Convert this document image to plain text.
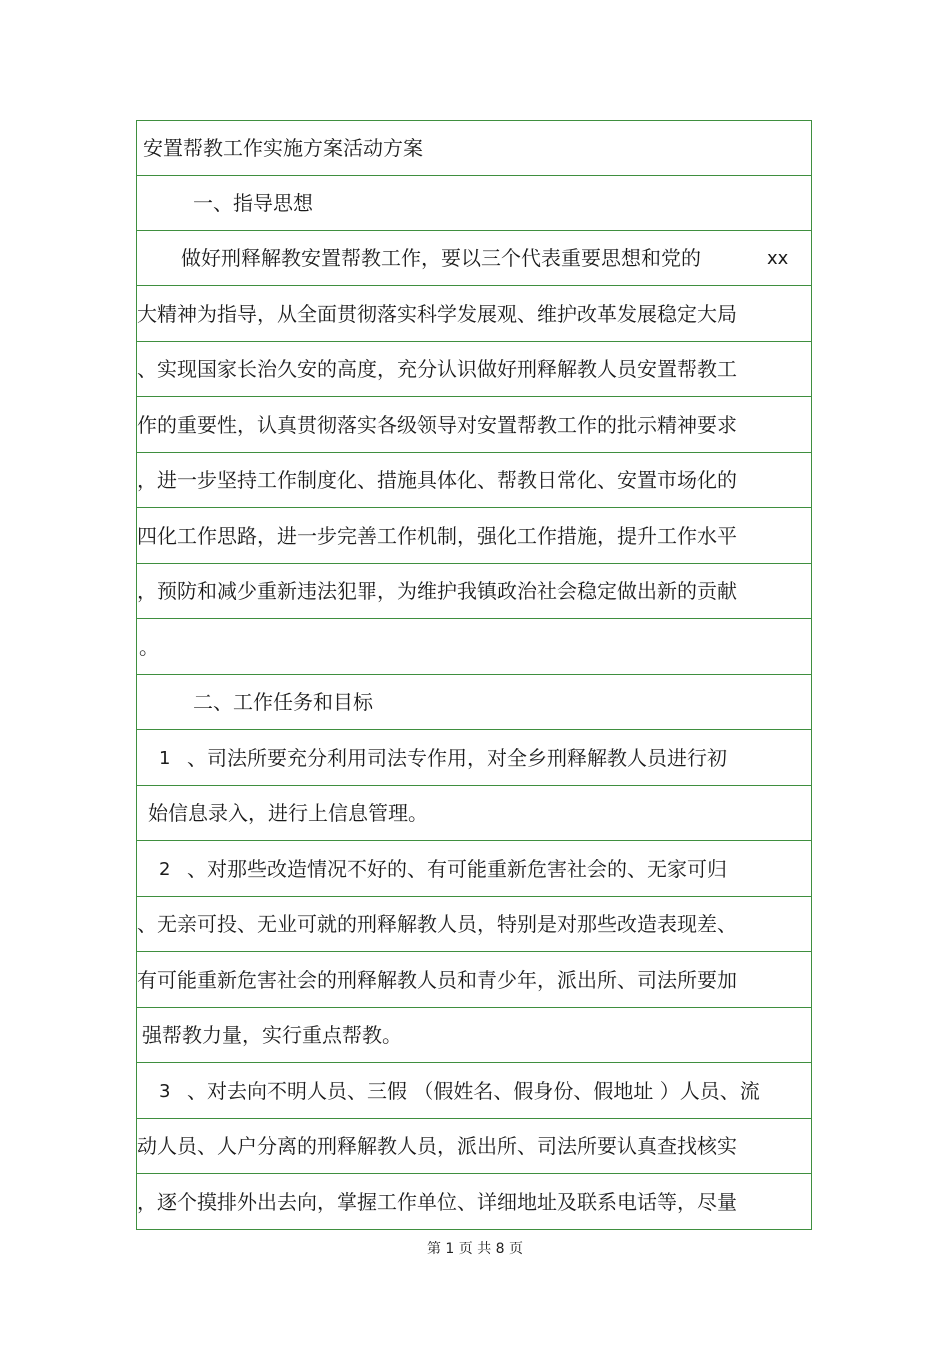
安置帮教工作实施方案活动方案
一、指导思想
做好刑释解教安置帮教工作，要以三个代表重要思想和党的	xx
大精神为指导，从全面贯彻落实科学发展观、维护改革发展稳定大局
、实现国家长治久安的高度，充分认识做好刑释解教人员安置帮教工
作的重要性，认真贯彻落实各级领导对安置帮教工作的批示精神要求
，进一步坚持工作制度化、措施具体化、帮教日常化、安置市场化的
四化工作思路，进一步完善工作机制，强化工作措施，提升工作水平
，预防和减少重新违法犯罪，为维护我镇政治社会稳定做出新的贡献
。
二、工作任务和目标
1 、司法所要充分利用司法专作用，对全乡刑释解教人员进行初
始信息录入，进行上信息管理。
2 、对那些改造情况不好的、有可能重新危害社会的、无家可归
、无亲可投、无业可就的刑释解教人员，特别是对那些改造表现差、
有可能重新危害社会的刑释解教人员和青少年，派出所、司法所要加
强帮教力量，实行重点帮教。
3 、对去向不明人员、三假 （假姓名、假身份、假地址 ）人员、流
动人员、人户分离的刑释解教人员，派出所、司法所要认真查找核实
，逐个摸排外出去向，掌握工作单位、详细地址及联系电话等，尽量
第 1 页 共 8 页
